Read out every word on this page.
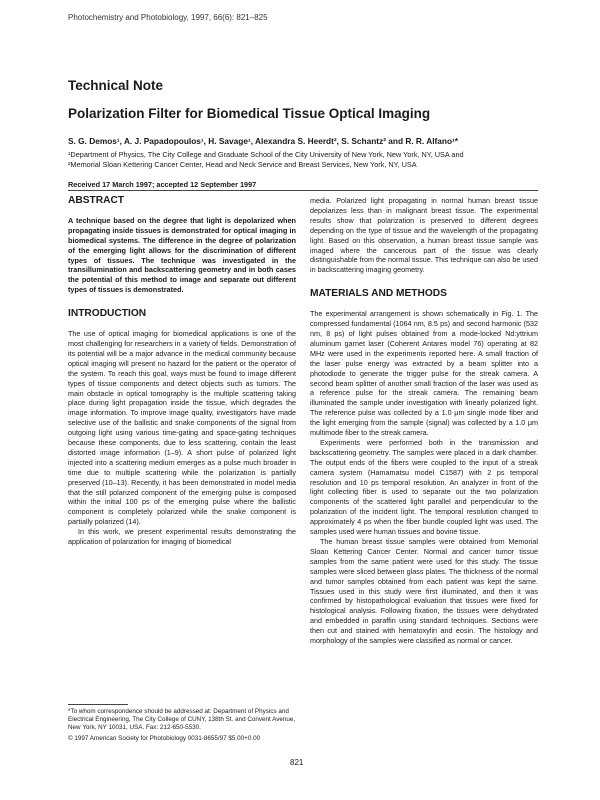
Photochemistry and Photobiology, 1997, 66(6): 821–825
Technical Note
Polarization Filter for Biomedical Tissue Optical Imaging
S. G. Demos¹, A. J. Papadopoulos¹, H. Savage¹, Alexandra S. Heerdt², S. Schantz² and R. R. Alfano¹*
¹Department of Physics, The City College and Graduate School of the City University of New York, New York, NY, USA and
²Memorial Sloan Kettering Cancer Center, Head and Neck Service and Breast Services, New York, NY, USA
Received 17 March 1997; accepted 12 September 1997
ABSTRACT

A technique based on the degree that light is depolarized when propagating inside tissues is demonstrated for optical imaging in biomedical systems. The difference in the degree of polarization of the emerging light allows for the discrimination of different types of tissues. The technique was investigated in the transillumination and backscattering geometry and in both cases the potential of this method to image and separate out different types of tissues is demonstrated.

INTRODUCTION

The use of optical imaging for biomedical applications is one of the most challenging for researchers in a variety of fields. Demonstration of its potential will be a major advance in the medical community because optical imaging will present no hazard for the patient or the operator of the system. To reach this goal, ways must be found to image different types of tissue components and detect objects such as tumors. The main obstacle in optical tomography is the multiple scattering taking place during light propagation inside the tissue, which degrades the image information. To improve image quality, investigators have made selective use of the ballistic and snake components of the signal from outgoing light using various time-gating and space-gating techniques because these components, due to less scattering, contain the least distorted image information (1–9). A short pulse of polarized light injected into a scattering medium emerges as a pulse much broader in time due to multiple scattering while the polarization is partially preserved (10–13). Recently, it has been demonstrated in model media that the still polarized component of the emerging pulse is composed within the initial 100 ps of the emerging pulse where the ballistic component is completely polarized while the snake component is partially polarized (14).

In this work, we present experimental results demonstrating the application of polarization for imaging of biomedical

media. Polarized light propagating in normal human breast tissue depolarizes less than in malignant breast tissue. The experimental results show that polarization is preserved to different degrees depending on the type of tissue and the wavelength of the propagating light. Based on this observation, a human breast tissue sample was imaged where the cancerous part of the tissue was clearly distinguishable from the normal tissue. This technique can also be used in backscattering imaging geometry.

MATERIALS AND METHODS

The experimental arrangement is shown schematically in Fig. 1. The compressed fundamental (1064 nm, 8.5 ps) and second harmonic (532 nm, 8 ps) of light pulses obtained from a mode-locked Nd:yttrium aluminum garnet laser (Coherent Antares model 76) operating at 82 MHz were used in the experiments reported here. A small fraction of the laser pulse energy was extracted by a beam splitter into a photodiode to generate the trigger pulse for the streak camera. A second beam splitter of another small fraction of the laser was used as a reference pulse for the streak camera. The remaining beam illuminated the sample under investigation with linearly polarized light. The reference pulse was collected by a 1.0 μm single mode fiber and the light emerging from the sample (signal) was collected by a 1.0 μm multimode fiber to the streak camera.

Experiments were performed both in the transmission and backscattering geometry. The samples were placed in a dark chamber. The output ends of the fibers were coupled to the input of a streak camera system (Hamamatsu model C1587) with 2 ps temporal resolution and 10 ps temporal resolution. An analyzer in front of the light collecting fiber is used to separate out the two polarization components of the scattered light parallel and perpendicular to the polarization of the incident light. The temporal resolution changed to approximately 4 ps when the fiber bundle coupled light was used. The samples used were human tissues and bovine tissue.

The human breast tissue samples were obtained from Memorial Sloan Kettering Cancer Center. Normal and cancer tumor tissue samples from the same patient were used for this study. The tissue samples were sliced between glass plates. The thickness of the normal and tumor samples obtained from each patient was kept the same. Tissues used in this study were first illuminated, and then it was confirmed by histopathological evaluation that tissues were fixed for histological analysis. Following fixation, the tissues were dehydrated and embedded in paraffin using standard techniques. Sections were then cut and stained with hematoxylin and eosin. The histology and morphology of the samples were classified as normal or cancer.

*To whom correspondence should be addressed at: Department of Physics and Electrical Engineering, The City College of CUNY, 138th St. and Convent Avenue, New York, NY 10031, USA. Fax: 212-650-5530.

© 1997 American Society for Photobiology 0031-8655/97 $5.00+0.00

821
